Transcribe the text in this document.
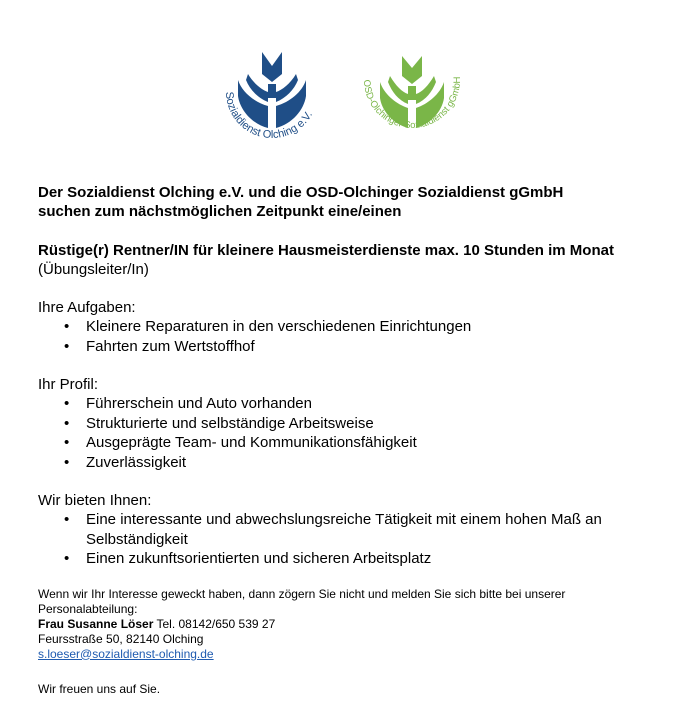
Sozialdienst Olching e.V.
OSD-Olchinger Sozialdienst gGmbH

Der Sozialdienst Olching e.V. und die OSD-Olchinger Sozialdienst gGmbH
suchen zum nächstmöglichen Zeitpunkt eine/einen

Rüstige(r) Rentner/IN für kleinere Hausmeisterdienste max. 10 Stunden im Monat (Übungsleiter/In)

Ihre Aufgaben:

• Kleinere Reparaturen in den verschiedenen Einrichtungen
• Fahrten zum Wertstoffhof

Ihr Profil:

• Führerschein und Auto vorhanden
• Strukturierte und selbständige Arbeitsweise
• Ausgeprägte Team- und Kommunikationsfähigkeit
• Zuverlässigkeit

Wir bieten Ihnen:

• Eine interessante und abwechslungsreiche Tätigkeit mit einem hohen Maß an Selbständigkeit
• Einen zukunftsorientierten und sicheren Arbeitsplatz

Wenn wir Ihr Interesse geweckt haben, dann zögern Sie nicht und melden Sie sich bitte bei unserer Personalabteilung:

Frau Susanne Löser Tel. 08142/650 539 27

Feursstraße 50, 82140 Olching

s.loeser@sozialdienst-olching.de

Wir freuen uns auf Sie.
